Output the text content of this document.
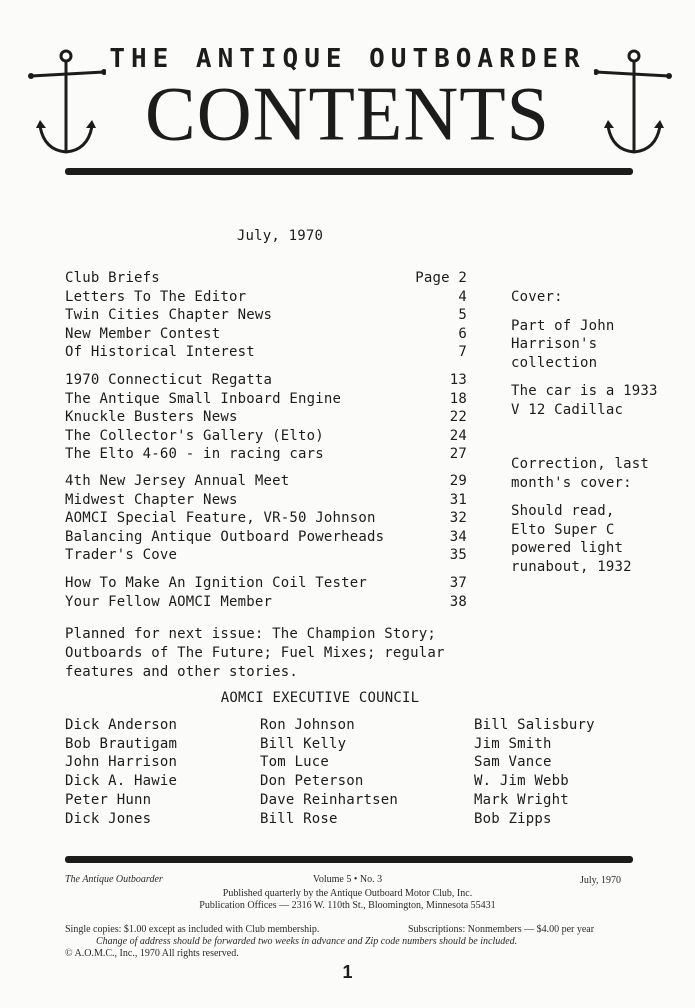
THE ANTIQUE OUTBOARDER
CONTENTS
July, 1970
Club Briefs	Page 2
Letters To The Editor	4
Twin Cities Chapter News	5
New Member Contest	6
Of Historical Interest	7
1970 Connecticut Regatta	13
The Antique Small Inboard Engine	18
Knuckle Busters News	22
The Collector's Gallery (Elto)	24
The Elto 4-60 - in racing cars	27
4th New Jersey Annual Meet	29
Midwest Chapter News	31
AOMCI Special Feature, VR-50 Johnson	32
Balancing Antique Outboard Powerheads	34
Trader's Cove	35
How To Make An Ignition Coil Tester	37
Your Fellow AOMCI Member	38

Cover:

Part of John

Harrison's

collection

The car is a 1933

V 12 Cadillac

Correction, last

month's cover:

Should read,

Elto Super C

powered light

runabout, 1932

Planned for next issue: The Champion Story;
Outboards of The Future; Fuel Mixes; regular
features and other stories.
AOMCI EXECUTIVE COUNCIL
Dick Anderson
Bob Brautigam
John Harrison
Dick A. Hawie
Peter Hunn
Dick Jones
Ron Johnson
Bill Kelly
Tom Luce
Don Peterson
Dave Reinhartsen
Bill Rose
Bill Salisbury
Jim Smith
Sam Vance
W. Jim Webb
Mark Wright
Bob Zipps
The Antique Outboarder	Volume 5 • No. 3	July, 1970
Published quarterly by the Antique Outboard Motor Club, Inc.
Publication Offices — 2316 W. 110th St., Bloomington, Minnesota 55431
Single copies: $1.00 except as included with Club membership.	Subscriptions: Nonmembers — $4.00 per year
Change of address should be forwarded two weeks in advance and Zip code numbers should be included.
© A.O.M.C., Inc., 1970 All rights reserved.
1
